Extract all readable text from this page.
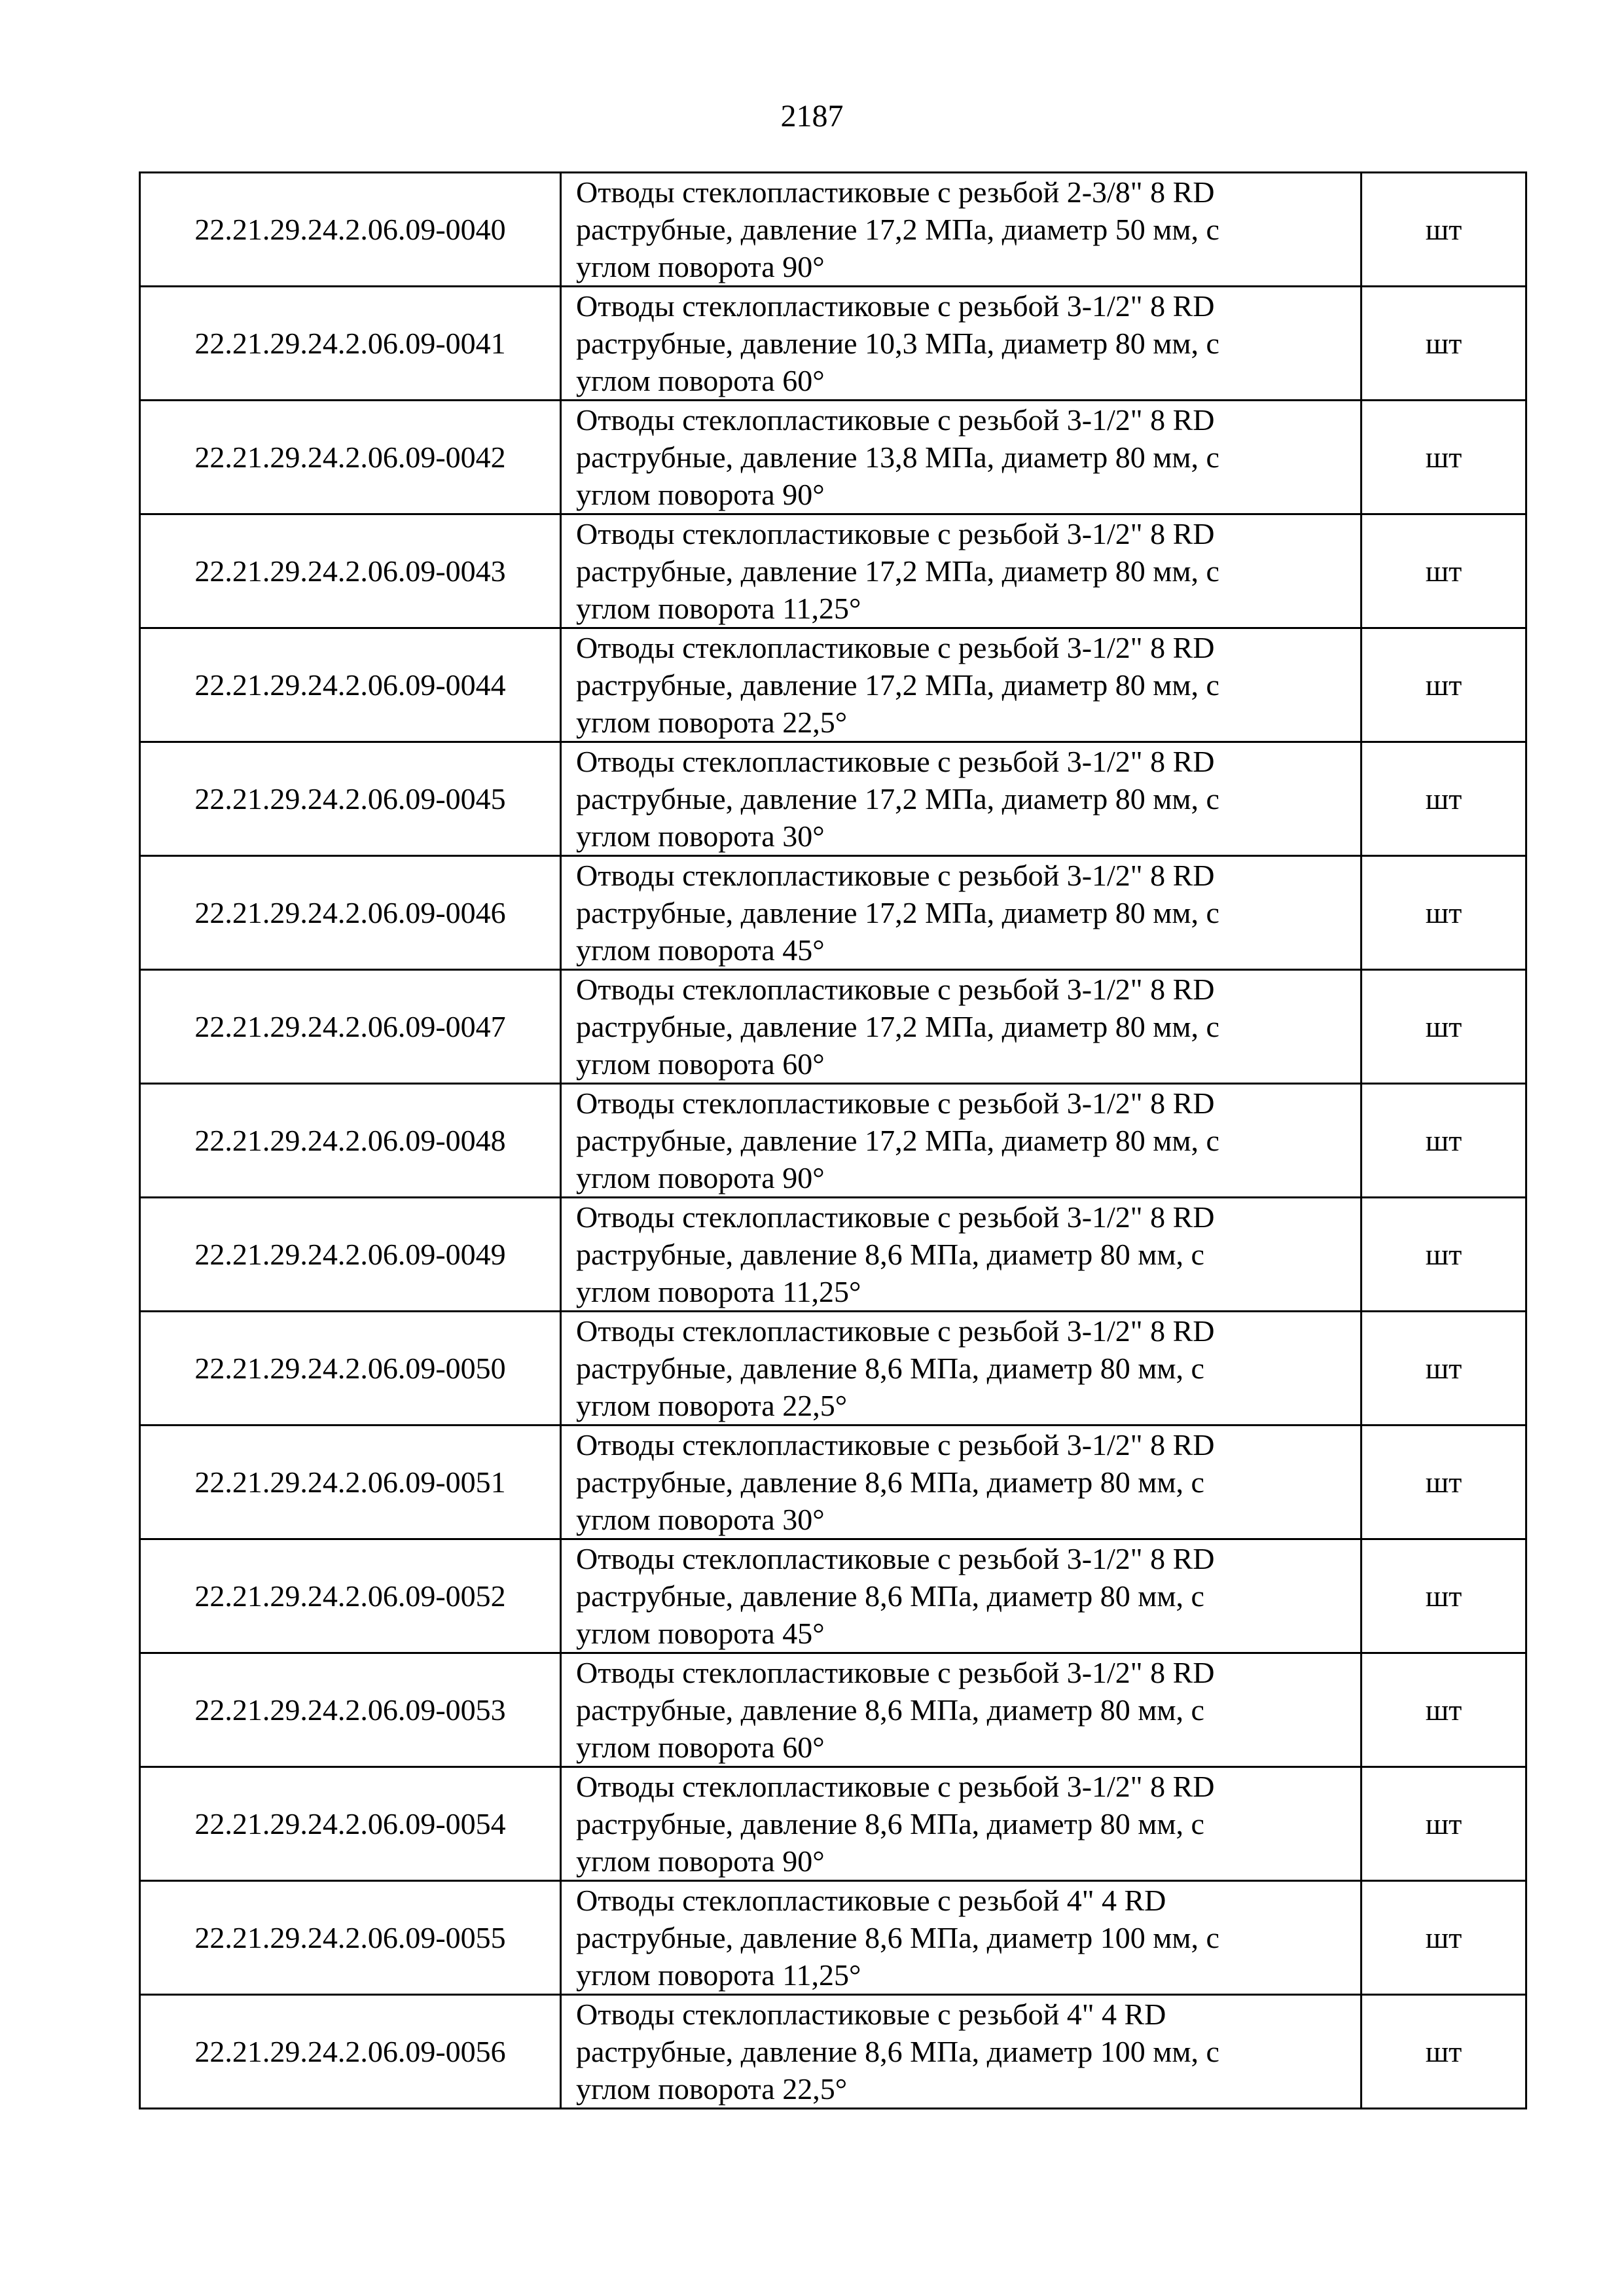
2187
22.21.29.24.2.06.09-0040	Отводы стеклопластиковые с резьбой 2-3/8" 8 RD
раструбные, давление 17,2 МПа, диаметр 50 мм, с
углом поворота 90°	шт
22.21.29.24.2.06.09-0041	Отводы стеклопластиковые с резьбой 3-1/2" 8 RD
раструбные, давление 10,3 МПа, диаметр 80 мм, с
углом поворота 60°	шт
22.21.29.24.2.06.09-0042	Отводы стеклопластиковые с резьбой 3-1/2" 8 RD
раструбные, давление 13,8 МПа, диаметр 80 мм, с
углом поворота 90°	шт
22.21.29.24.2.06.09-0043	Отводы стеклопластиковые с резьбой 3-1/2" 8 RD
раструбные, давление 17,2 МПа, диаметр 80 мм, с
углом поворота 11,25°	шт
22.21.29.24.2.06.09-0044	Отводы стеклопластиковые с резьбой 3-1/2" 8 RD
раструбные, давление 17,2 МПа, диаметр 80 мм, с
углом поворота 22,5°	шт
22.21.29.24.2.06.09-0045	Отводы стеклопластиковые с резьбой 3-1/2" 8 RD
раструбные, давление 17,2 МПа, диаметр 80 мм, с
углом поворота 30°	шт
22.21.29.24.2.06.09-0046	Отводы стеклопластиковые с резьбой 3-1/2" 8 RD
раструбные, давление 17,2 МПа, диаметр 80 мм, с
углом поворота 45°	шт
22.21.29.24.2.06.09-0047	Отводы стеклопластиковые с резьбой 3-1/2" 8 RD
раструбные, давление 17,2 МПа, диаметр 80 мм, с
углом поворота 60°	шт
22.21.29.24.2.06.09-0048	Отводы стеклопластиковые с резьбой 3-1/2" 8 RD
раструбные, давление 17,2 МПа, диаметр 80 мм, с
углом поворота 90°	шт
22.21.29.24.2.06.09-0049	Отводы стеклопластиковые с резьбой 3-1/2" 8 RD
раструбные, давление 8,6 МПа, диаметр 80 мм, с
углом поворота 11,25°	шт
22.21.29.24.2.06.09-0050	Отводы стеклопластиковые с резьбой 3-1/2" 8 RD
раструбные, давление 8,6 МПа, диаметр 80 мм, с
углом поворота 22,5°	шт
22.21.29.24.2.06.09-0051	Отводы стеклопластиковые с резьбой 3-1/2" 8 RD
раструбные, давление 8,6 МПа, диаметр 80 мм, с
углом поворота 30°	шт
22.21.29.24.2.06.09-0052	Отводы стеклопластиковые с резьбой 3-1/2" 8 RD
раструбные, давление 8,6 МПа, диаметр 80 мм, с
углом поворота 45°	шт
22.21.29.24.2.06.09-0053	Отводы стеклопластиковые с резьбой 3-1/2" 8 RD
раструбные, давление 8,6 МПа, диаметр 80 мм, с
углом поворота 60°	шт
22.21.29.24.2.06.09-0054	Отводы стеклопластиковые с резьбой 3-1/2" 8 RD
раструбные, давление 8,6 МПа, диаметр 80 мм, с
углом поворота 90°	шт
22.21.29.24.2.06.09-0055	Отводы стеклопластиковые с резьбой 4" 4 RD
раструбные, давление 8,6 МПа, диаметр 100 мм, с
углом поворота 11,25°	шт
22.21.29.24.2.06.09-0056	Отводы стеклопластиковые с резьбой 4" 4 RD
раструбные, давление 8,6 МПа, диаметр 100 мм, с
углом поворота 22,5°	шт
